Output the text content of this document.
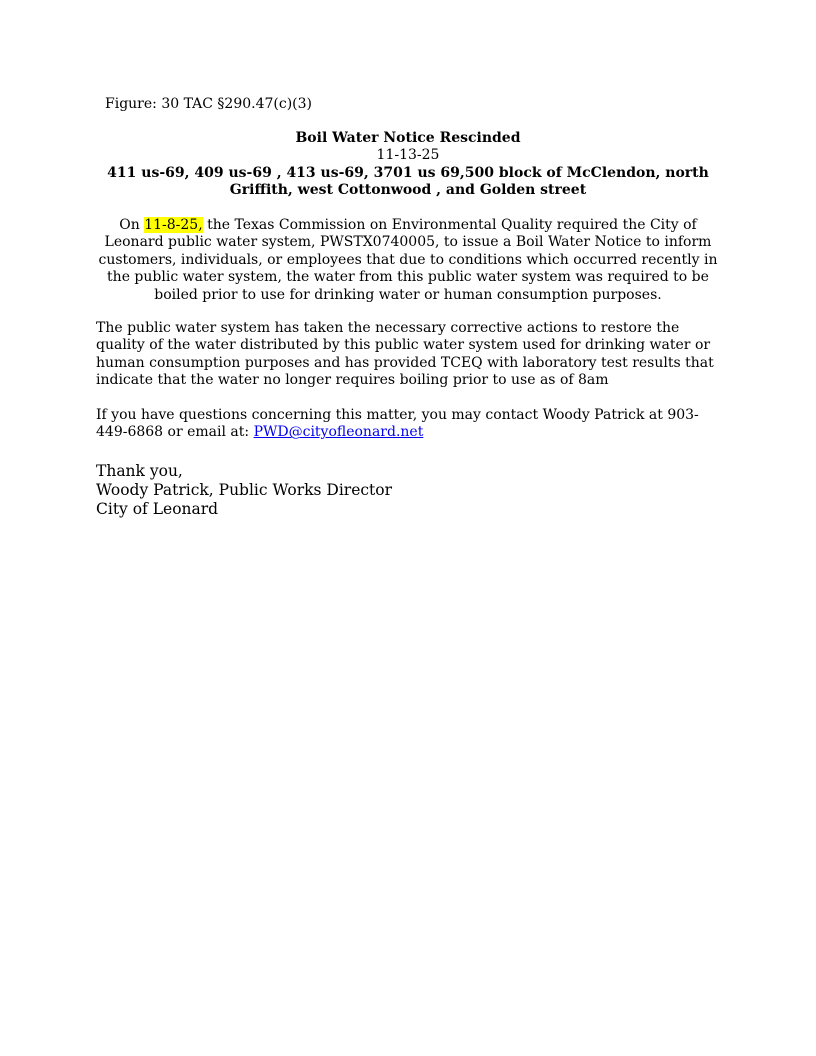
Figure: 30 TAC §290.47(c)(3)
Boil Water Notice Rescinded
11-13-25
411 us-69, 409 us-69 , 413 us-69, 3701 us 69,500 block of McClendon, north
Griffith, west Cottonwood , and Golden street
On 11-8-25, the Texas Commission on Environmental Quality required the City of Leonard public water system, PWSTX0740005, to issue a Boil Water Notice to inform customers, individuals, or employees that due to conditions which occurred recently in the public water system, the water from this public water system was required to be boiled prior to use for drinking water or human consumption purposes.
The public water system has taken the necessary corrective actions to restore the quality of the water distributed by this public water system used for drinking water or human consumption purposes and has provided TCEQ with laboratory test results that indicate that the water no longer requires boiling prior to use as of 8am
If you have questions concerning this matter, you may contact Woody Patrick at 903-449-6868 or email at: PWD@cityofleonard.net
Thank you,
Woody Patrick, Public Works Director
City of Leonard
